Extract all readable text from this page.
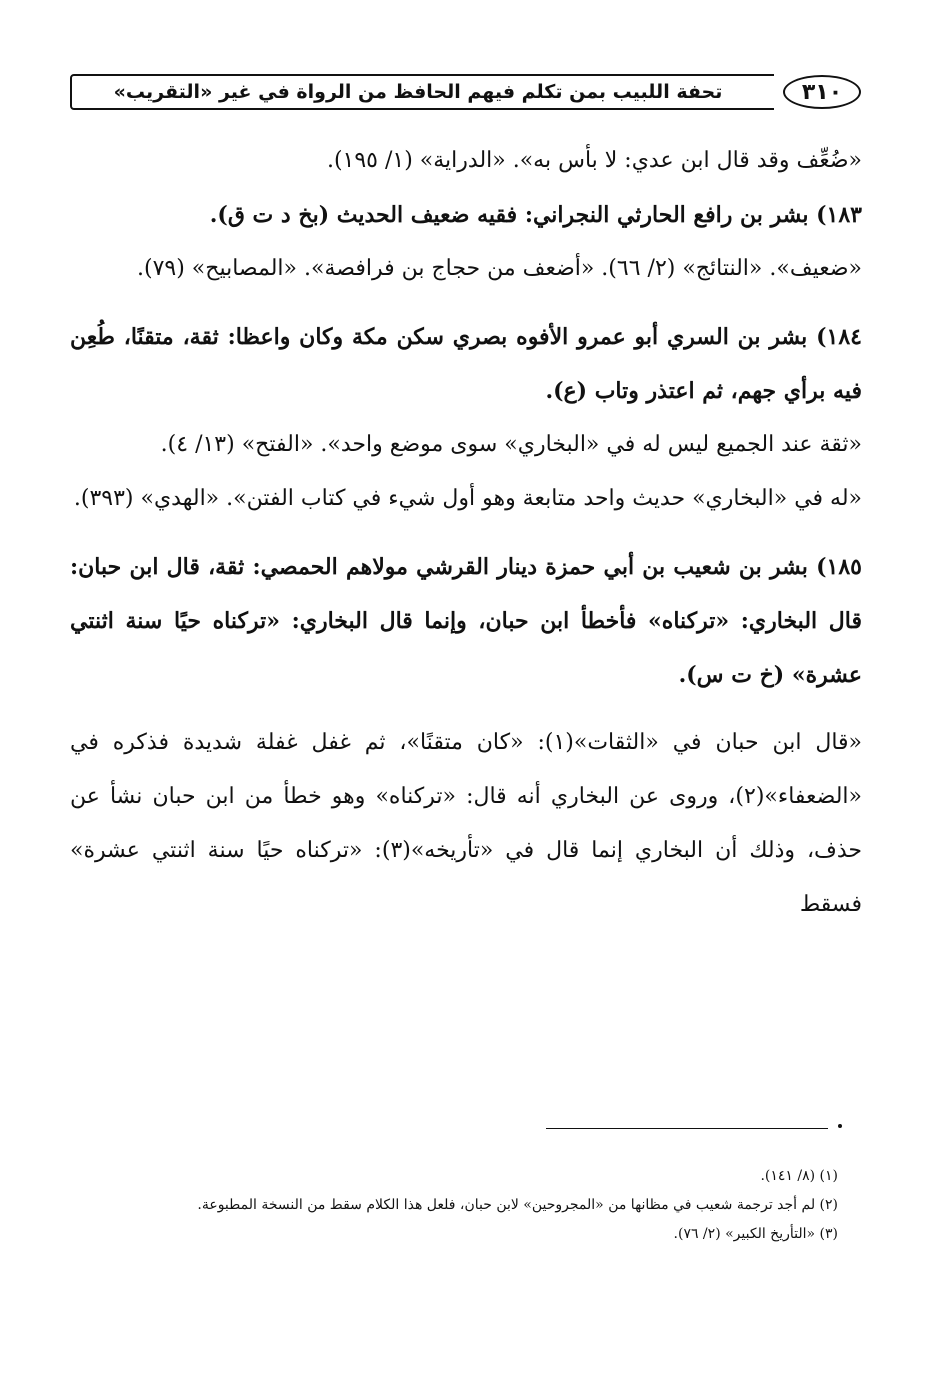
٣١٠
تحفة اللبيب بمن تكلم فيهم الحافظ من الرواة في غير «التقريب»

«ضُعِّف وقد قال ابن عدي: لا بأس به». «الدراية» (١/ ١٩٥).

١٨٣) بشر بن رافع الحارثي النجراني: فقيه ضعيف الحديث (بخ د ت ق).

«ضعيف». «النتائج» (٢/ ٦٦). «أضعف من حجاج بن فرافصة». «المصابيح» (٧٩).

١٨٤) بشر بن السري أبو عمرو الأفوه بصري سكن مكة وكان واعظا: ثقة، متقنًا، طُعِن فيه برأي جهم، ثم اعتذر وتاب (ع).

«ثقة عند الجميع ليس له في «البخاري» سوى موضع واحد». «الفتح» (١٣/ ٤).

«له في «البخاري» حديث واحد متابعة وهو أول شيء في كتاب الفتن». «الهدي» (٣٩٣).

١٨٥) بشر بن شعيب بن أبي حمزة دينار القرشي مولاهم الحمصي: ثقة، قال ابن حبان: قال البخاري: «تركناه» فأخطأ ابن حبان، وإنما قال البخاري: «تركناه حيًا سنة اثنتي عشرة» (خ ت س).

«قال ابن حبان في «الثقات»(١): «كان متقنًا»، ثم غفل غفلة شديدة فذكره في «الضعفاء»(٢)، وروى عن البخاري أنه قال: «تركناه» وهو خطأ من ابن حبان نشأ عن حذف، وذلك أن البخاري إنما قال في «تأريخه»(٣): «تركناه حيًا سنة اثنتي عشرة» فسقط

(١) (٨/ ١٤١).

(٢) لم أجد ترجمة شعيب في مظانها من «المجروحين» لابن حبان، فلعل هذا الكلام سقط من النسخة المطبوعة.

(٣) «التأريخ الكبير» (٢/ ٧٦).
